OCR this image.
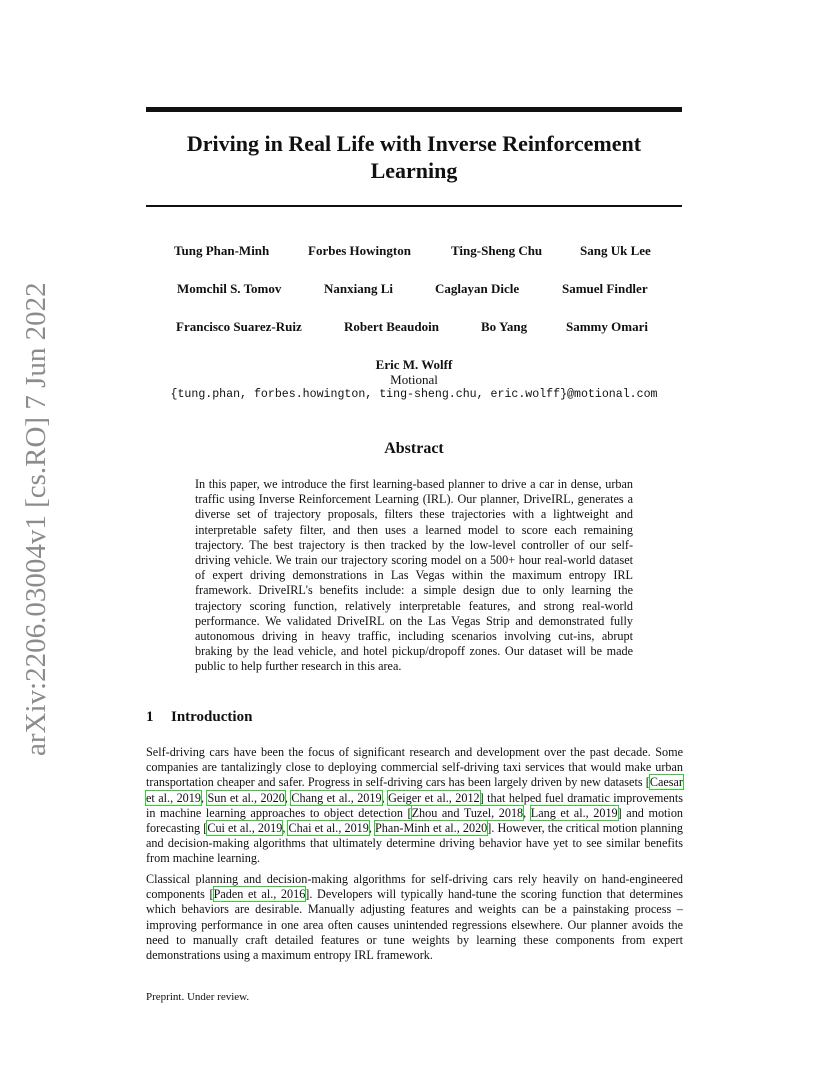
arXiv:2206.03004v1 [cs.RO] 7 Jun 2022
Driving in Real Life with Inverse Reinforcement Learning
Tung Phan-Minh	Forbes Howington	Ting-Sheng Chu	Sang Uk Lee
Momchil S. Tomov	Nanxiang Li	Caglayan Dicle	Samuel Findler
Francisco Suarez-Ruiz	Robert Beaudoin	Bo Yang	Sammy Omari
Eric M. Wolff
Motional
{tung.phan, forbes.howington, ting-sheng.chu, eric.wolff}@motional.com
Abstract

In this paper, we introduce the first learning-based planner to drive a car in dense, urban traffic using Inverse Reinforcement Learning (IRL). Our planner, DriveIRL, generates a diverse set of trajectory proposals, filters these trajectories with a lightweight and interpretable safety filter, and then uses a learned model to score each remaining trajectory. The best trajectory is then tracked by the low-level controller of our self-driving vehicle. We train our trajectory scoring model on a 500+ hour real-world dataset of expert driving demonstrations in Las Vegas within the maximum entropy IRL framework. DriveIRL's benefits include: a simple design due to only learning the trajectory scoring function, relatively interpretable features, and strong real-world performance. We validated DriveIRL on the Las Vegas Strip and demonstrated fully autonomous driving in heavy traffic, including scenarios involving cut-ins, abrupt braking by the lead vehicle, and hotel pickup/dropoff zones. Our dataset will be made public to help further research in this area.

1 Introduction

Self-driving cars have been the focus of significant research and development over the past decade. Some companies are tantalizingly close to deploying commercial self-driving taxi services that would make urban transportation cheaper and safer. Progress in self-driving cars has been largely driven by new datasets [Caesar et al., 2019, Sun et al., 2020, Chang et al., 2019, Geiger et al., 2012] that helped fuel dramatic improvements in machine learning approaches to object detection [Zhou and Tuzel, 2018, Lang et al., 2019] and motion forecasting [Cui et al., 2019, Chai et al., 2019, Phan-Minh et al., 2020]. However, the critical motion planning and decision-making algorithms that ultimately determine driving behavior have yet to see similar benefits from machine learning.

Classical planning and decision-making algorithms for self-driving cars rely heavily on hand-engineered components [Paden et al., 2016]. Developers will typically hand-tune the scoring function that determines which behaviors are desirable. Manually adjusting features and weights can be a painstaking process – improving performance in one area often causes unintended regressions elsewhere. Our planner avoids the need to manually craft detailed features or tune weights by learning these components from expert demonstrations using a maximum entropy IRL framework.

Preprint. Under review.
